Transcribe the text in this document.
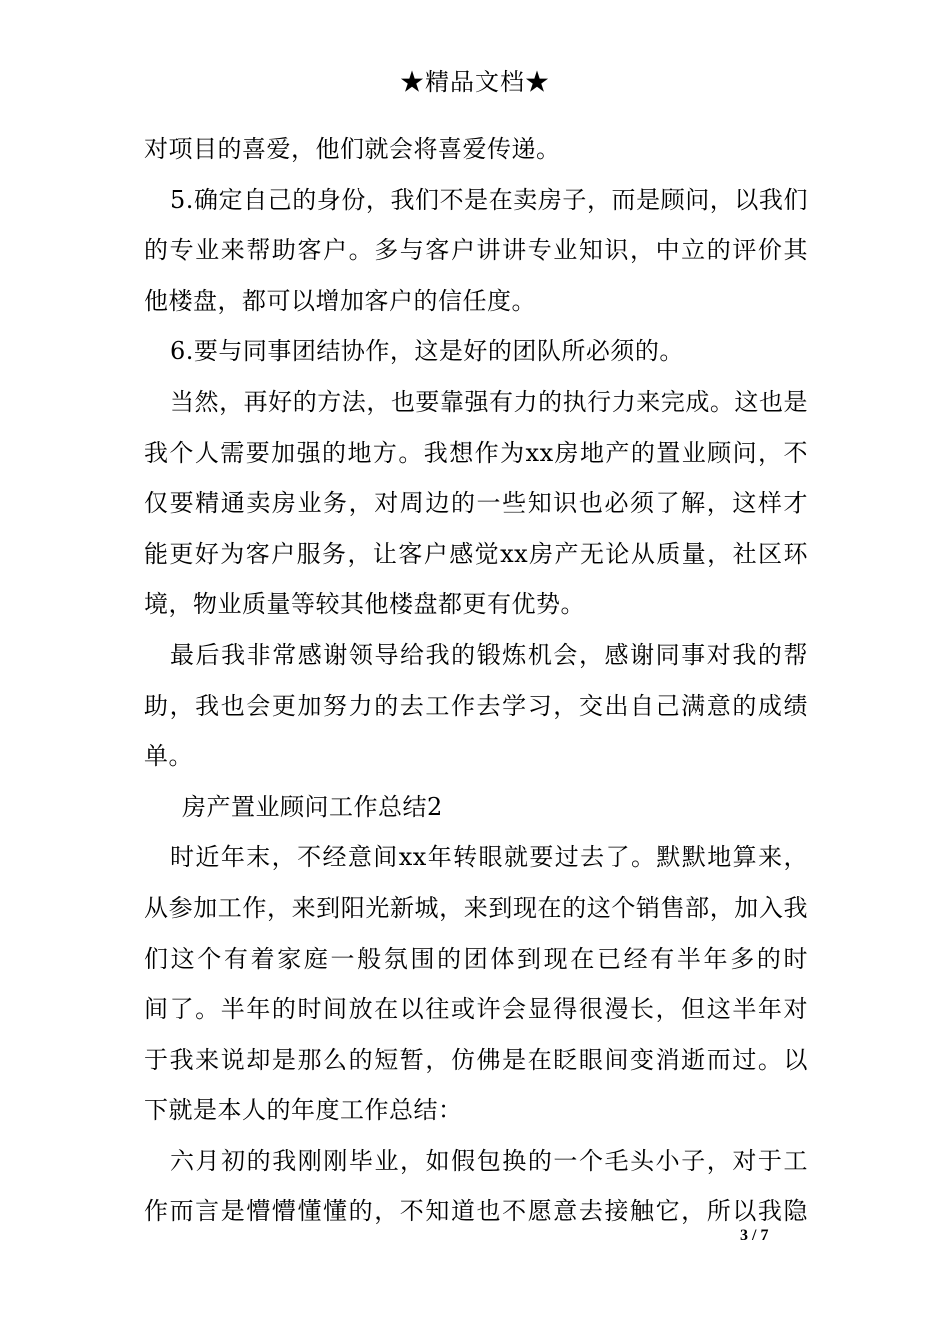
★精品文档★
对项目的喜爱，他们就会将喜爱传递。
5.确定自己的身份，我们不是在卖房子，而是顾问，以我们
的专业来帮助客户。多与客户讲讲专业知识，中立的评价其
他楼盘，都可以增加客户的信任度。
6.要与同事团结协作，这是好的团队所必须的。
当然，再好的方法，也要靠强有力的执行力来完成。这也是
我个人需要加强的地方。我想作为xx房地产的置业顾问，不
仅要精通卖房业务，对周边的一些知识也必须了解，这样才
能更好为客户服务，让客户感觉xx房产无论从质量，社区环
境，物业质量等较其他楼盘都更有优势。
最后我非常感谢领导给我的锻炼机会，感谢同事对我的帮
助，我也会更加努力的去工作去学习，交出自己满意的成绩
单。
房产置业顾问工作总结2
时近年末，不经意间xx年转眼就要过去了。默默地算来，
从参加工作，来到阳光新城，来到现在的这个销售部，加入我
们这个有着家庭一般氛围的团体到现在已经有半年多的时
间了。半年的时间放在以往或许会显得很漫长，但这半年对
于我来说却是那么的短暂，仿佛是在眨眼间变消逝而过。以
下就是本人的年度工作总结：
六月初的我刚刚毕业，如假包换的一个毛头小子，对于工
作而言是懵懵懂懂的，不知道也不愿意去接触它，所以我隐
3 / 7
